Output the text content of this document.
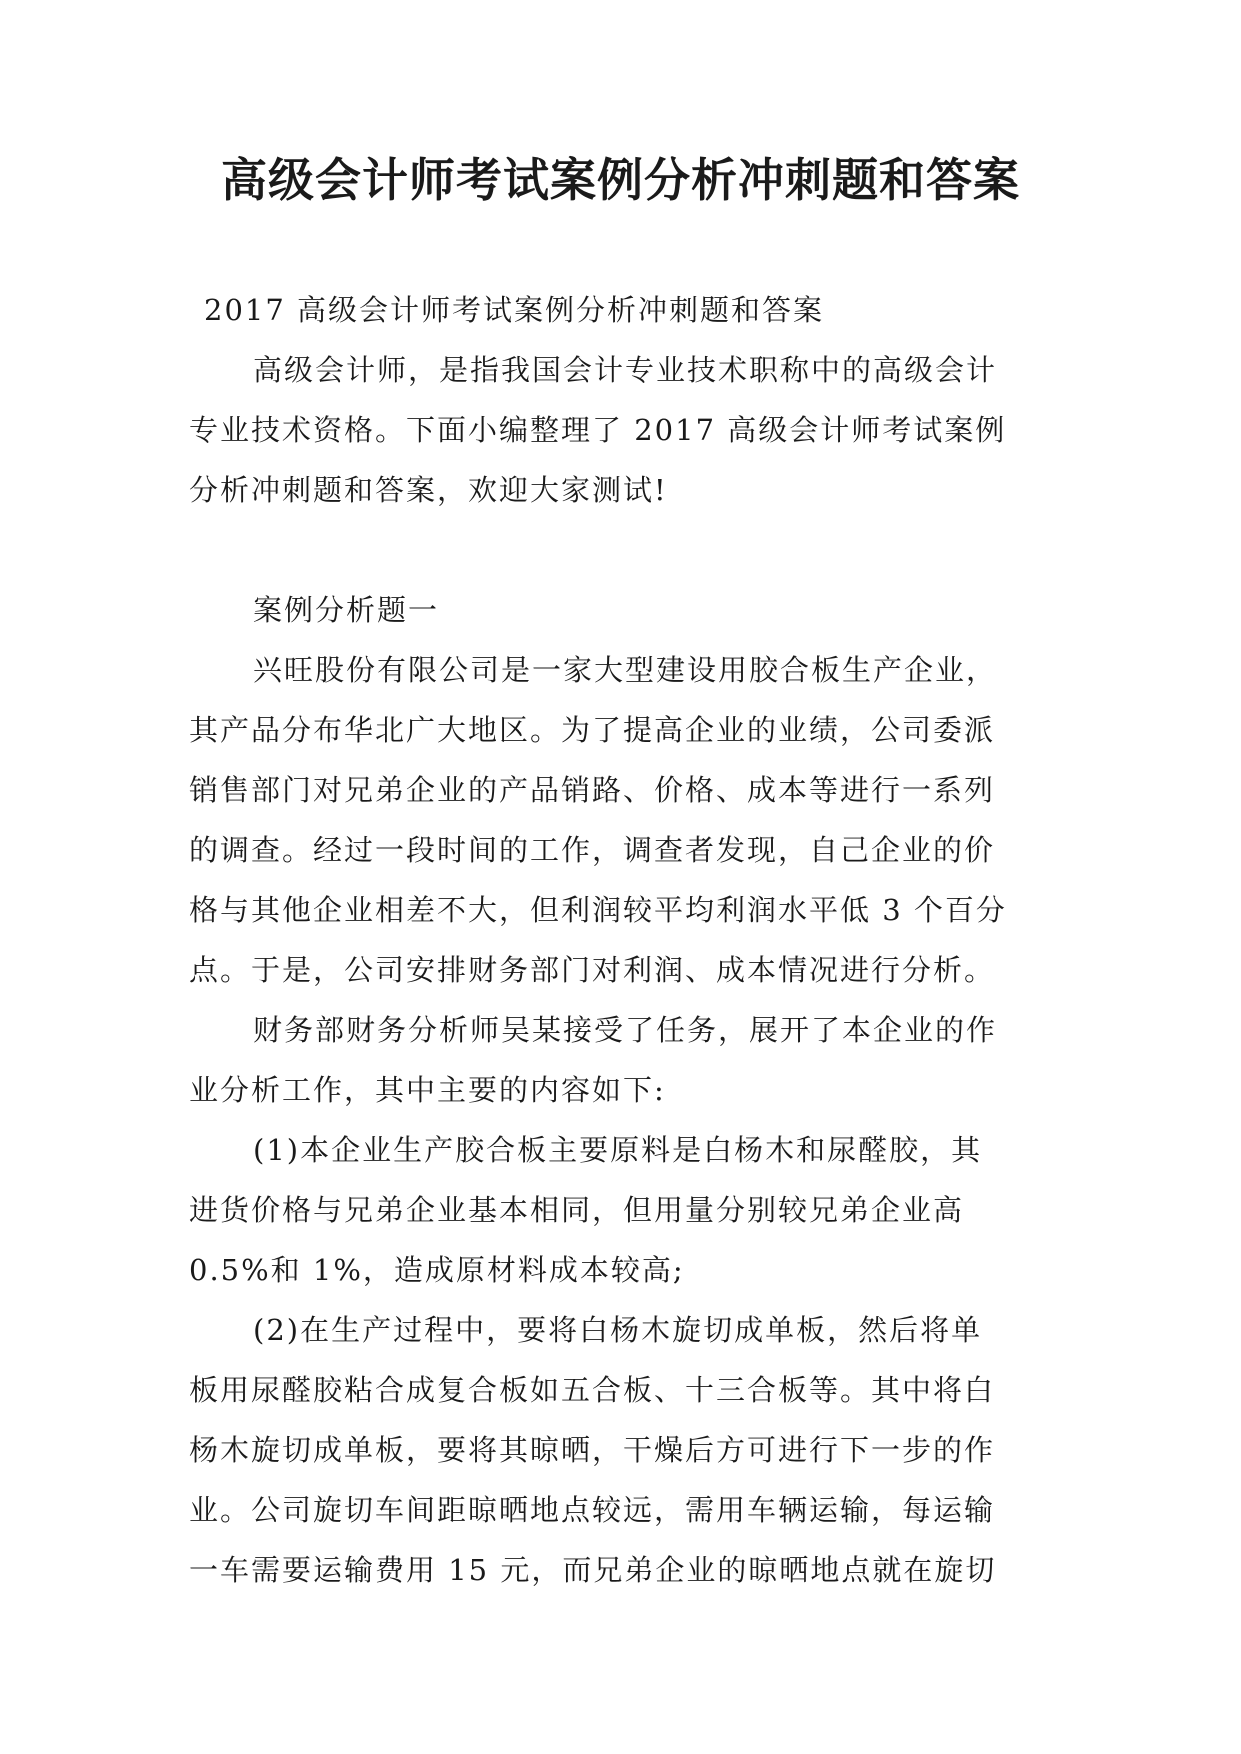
高级会计师考试案例分析冲刺题和答案
2017 高级会计师考试案例分析冲刺题和答案
高级会计师，是指我国会计专业技术职称中的高级会计
专业技术资格。下面小编整理了 2017 高级会计师考试案例
分析冲刺题和答案，欢迎大家测试!
案例分析题一
兴旺股份有限公司是一家大型建设用胶合板生产企业，
其产品分布华北广大地区。为了提高企业的业绩，公司委派
销售部门对兄弟企业的产品销路、价格、成本等进行一系列
的调查。经过一段时间的工作，调查者发现，自己企业的价
格与其他企业相差不大，但利润较平均利润水平低 3 个百分
点。于是，公司安排财务部门对利润、成本情况进行分析。
财务部财务分析师吴某接受了任务，展开了本企业的作
业分析工作，其中主要的内容如下:
(1)本企业生产胶合板主要原料是白杨木和尿醛胶，其
进货价格与兄弟企业基本相同，但用量分别较兄弟企业高
0.5%和 1%，造成原材料成本较高;
(2)在生产过程中，要将白杨木旋切成单板，然后将单
板用尿醛胶粘合成复合板如五合板、十三合板等。其中将白
杨木旋切成单板，要将其晾晒，干燥后方可进行下一步的作
业。公司旋切车间距晾晒地点较远，需用车辆运输，每运输
一车需要运输费用 15 元，而兄弟企业的晾晒地点就在旋切
